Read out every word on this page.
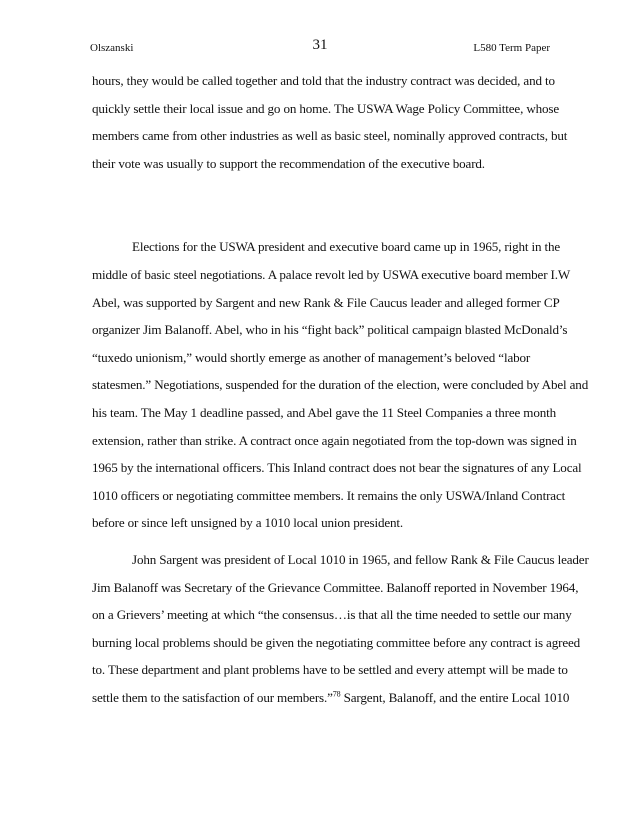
Olszanski	31	L580 Term Paper
hours, they would be called together and told that the industry contract was decided, and to
quickly settle their local issue and go on home. The USWA Wage Policy Committee, whose
members came from other industries as well as basic steel, nominally approved contracts, but
their vote was usually to support the recommendation of the executive board.
Elections for the USWA president and executive board came up in 1965, right in the
middle of basic steel negotiations. A palace revolt led by USWA executive board member I.W
Abel, was supported by Sargent and new Rank & File Caucus leader and alleged former CP
organizer Jim Balanoff. Abel, who in his “fight back” political campaign blasted McDonald’s
“tuxedo unionism,” would shortly emerge as another of management’s beloved “labor
statesmen.” Negotiations, suspended for the duration of the election, were concluded by Abel and
his team. The May 1 deadline passed, and Abel gave the 11 Steel Companies a three month
extension, rather than strike. A contract once again negotiated from the top-down was signed in
1965 by the international officers. This Inland contract does not bear the signatures of any Local
1010 officers or negotiating committee members. It remains the only USWA/Inland Contract
before or since left unsigned by a 1010 local union president.
John Sargent was president of Local 1010 in 1965, and fellow Rank & File Caucus leader
Jim Balanoff was Secretary of the Grievance Committee. Balanoff reported in November 1964,
on a Grievers’ meeting at which “the consensus…is that all the time needed to settle our many
burning local problems should be given the negotiating committee before any contract is agreed
to. These department and plant problems have to be settled and every attempt will be made to
settle them to the satisfaction of our members.”$^{78}$ Sargent, Balanoff, and the entire Local 1010
